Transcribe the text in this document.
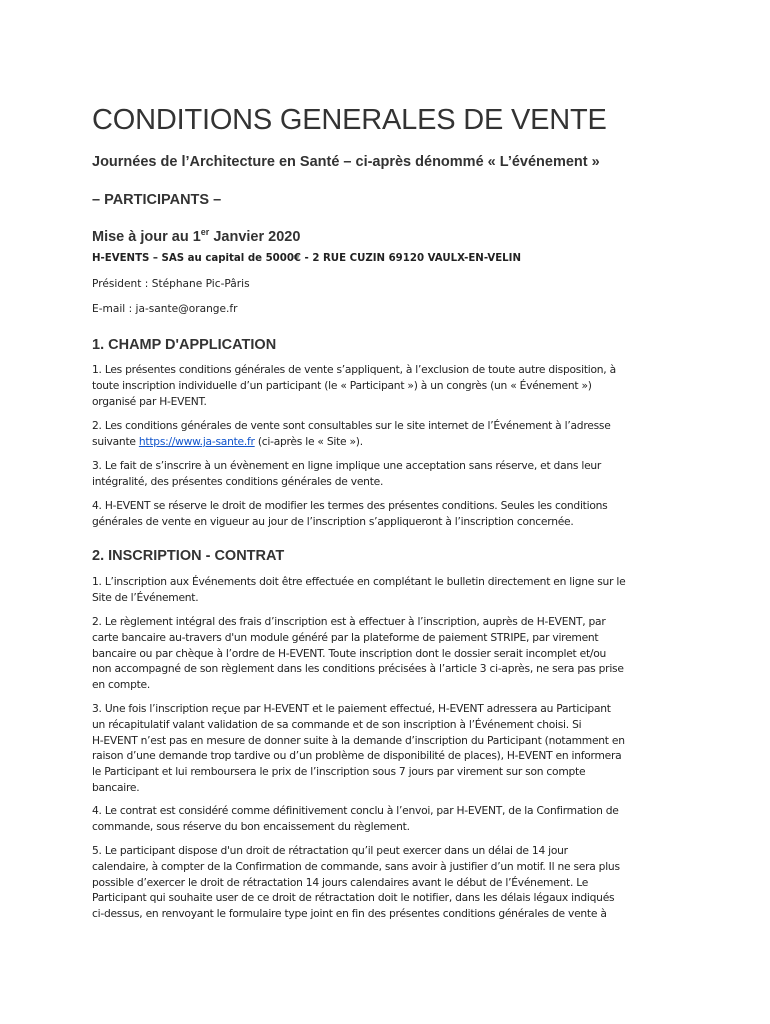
CONDITIONS GENERALES DE VENTE
Journées de l’Architecture en Santé – ci-après dénommé « L’événement »
– PARTICIPANTS –
Mise à jour au 1er Janvier 2020
H-EVENTS – SAS au capital de 5000€ - 2 RUE CUZIN 69120 VAULX-EN-VELIN
Président : Stéphane Pic-Pâris
E-mail : ja-sante@orange.fr
1. CHAMP D'APPLICATION
1. Les présentes conditions générales de vente s’appliquent, à l’exclusion de toute autre disposition, à
toute inscription individuelle d’un participant (le « Participant ») à un congrès (un « Événement »)
organisé par H-EVENT.
2. Les conditions générales de vente sont consultables sur le site internet de l’Événement à l’adresse
suivante https://www.ja-sante.fr (ci-après le « Site »).
3. Le fait de s’inscrire à un évènement en ligne implique une acceptation sans réserve, et dans leur
intégralité, des présentes conditions générales de vente.
4. H-EVENT se réserve le droit de modifier les termes des présentes conditions. Seules les conditions
générales de vente en vigueur au jour de l’inscription s’appliqueront à l’inscription concernée.
2. INSCRIPTION - CONTRAT
1. L’inscription aux Événements doit être effectuée en complétant le bulletin directement en ligne sur le
Site de l’Événement.
2. Le règlement intégral des frais d’inscription est à effectuer à l’inscription, auprès de H-EVENT, par
carte bancaire au-travers d'un module généré par la plateforme de paiement STRIPE, par virement
bancaire ou par chèque à l’ordre de H-EVENT. Toute inscription dont le dossier serait incomplet et/ou
non accompagné de son règlement dans les conditions précisées à l’article 3 ci-après, ne sera pas prise
en compte.
3. Une fois l’inscription reçue par H-EVENT et le paiement effectué, H-EVENT adressera au Participant
un récapitulatif valant validation de sa commande et de son inscription à l’Événement choisi. Si
H-EVENT n’est pas en mesure de donner suite à la demande d’inscription du Participant (notamment en
raison d’une demande trop tardive ou d’un problème de disponibilité de places), H-EVENT en informera
le Participant et lui remboursera le prix de l’inscription sous 7 jours par virement sur son compte
bancaire.
4. Le contrat est considéré comme définitivement conclu à l’envoi, par H-EVENT, de la Confirmation de
commande, sous réserve du bon encaissement du règlement.
5. Le participant dispose d'un droit de rétractation qu’il peut exercer dans un délai de 14 jour
calendaire, à compter de la Confirmation de commande, sans avoir à justifier d’un motif. Il ne sera plus
possible d’exercer le droit de rétractation 14 jours calendaires avant le début de l’Événement. Le
Participant qui souhaite user de ce droit de rétractation doit le notifier, dans les délais légaux indiqués
ci-dessus, en renvoyant le formulaire type joint en fin des présentes conditions générales de vente à
